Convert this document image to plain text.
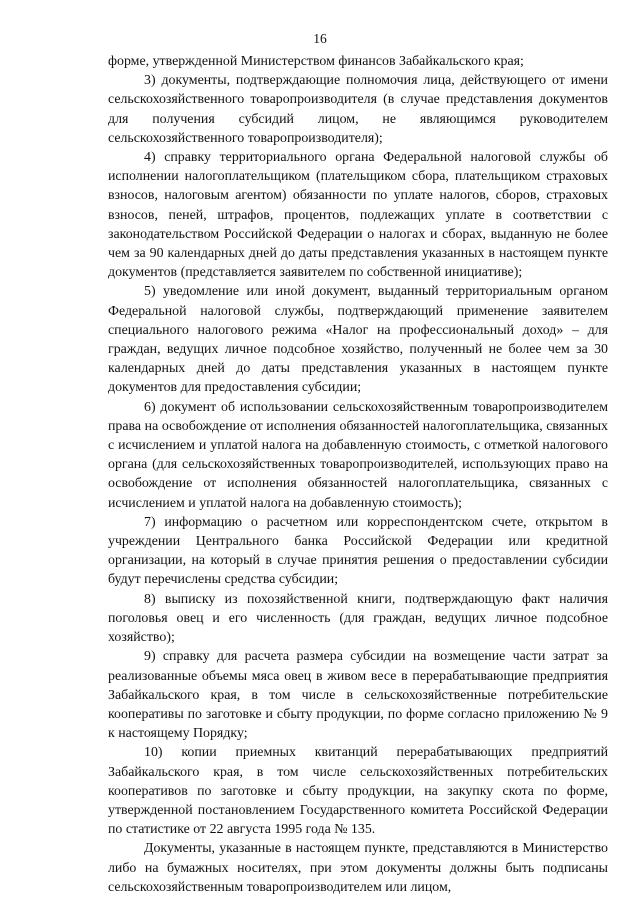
16

форме, утвержденной Министерством финансов Забайкальского края;

3) документы, подтверждающие полномочия лица, действующего от имени сельскохозяйственного товаропроизводителя (в случае представления документов для получения субсидий лицом, не являющимся руководителем сельскохозяйственного товаропроизводителя);

4) справку территориального органа Федеральной налоговой службы об исполнении налогоплательщиком (плательщиком сбора, плательщиком страховых взносов, налоговым агентом) обязанности по уплате налогов, сборов, страховых взносов, пеней, штрафов, процентов, подлежащих уплате в соответствии с законодательством Российской Федерации о налогах и сборах, выданную не более чем за 90 календарных дней до даты представления указанных в настоящем пункте документов (представляется заявителем по собственной инициативе);

5) уведомление или иной документ, выданный территориальным органом Федеральной налоговой службы, подтверждающий применение заявителем специального налогового режима «Налог на профессиональный доход» – для граждан, ведущих личное подсобное хозяйство, полученный не более чем за 30 календарных дней до даты представления указанных в настоящем пункте документов для предоставления субсидии;

6) документ об использовании сельскохозяйственным товаропроизводителем права на освобождение от исполнения обязанностей налогоплательщика, связанных с исчислением и уплатой налога на добавленную стоимость, с отметкой налогового органа (для сельскохозяйственных товаропроизводителей, использующих право на освобождение от исполнения обязанностей налогоплательщика, связанных с исчислением и уплатой налога на добавленную стоимость);

7) информацию о расчетном или корреспондентском счете, открытом в учреждении Центрального банка Российской Федерации или кредитной организации, на который в случае принятия решения о предоставлении субсидии будут перечислены средства субсидии;

8) выписку из похозяйственной книги, подтверждающую факт наличия поголовья овец и его численность (для граждан, ведущих личное подсобное хозяйство);

9) справку для расчета размера субсидии на возмещение части затрат за реализованные объемы мяса овец в живом весе в перерабатывающие предприятия Забайкальского края, в том числе в сельскохозяйственные потребительские кооперативы по заготовке и сбыту продукции, по форме согласно приложению № 9 к настоящему Порядку;

10) копии приемных квитанций перерабатывающих предприятий Забайкальского края, в том числе сельскохозяйственных потребительских кооперативов по заготовке и сбыту продукции, на закупку скота по форме, утвержденной постановлением Государственного комитета Российской Федерации по статистике от 22 августа 1995 года № 135.

Документы, указанные в настоящем пункте, представляются в Министерство либо на бумажных носителях, при этом документы должны быть подписаны сельскохозяйственным товаропроизводителем или лицом,
